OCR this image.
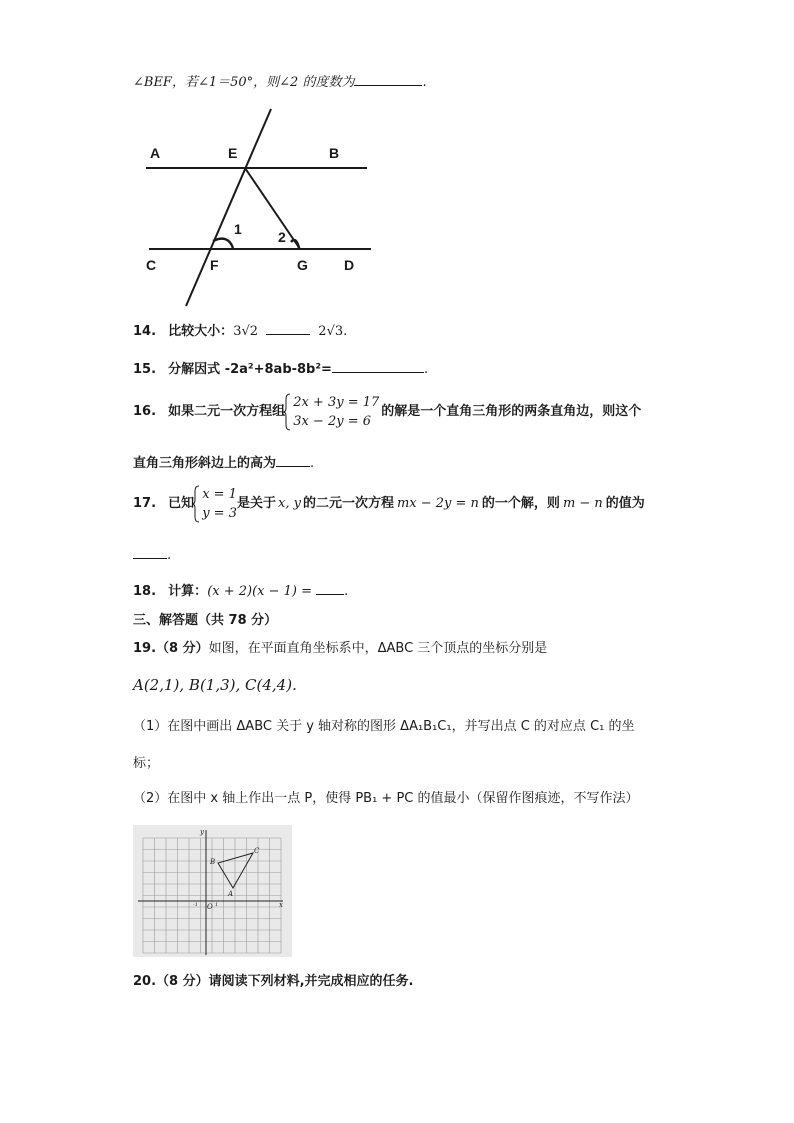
∠BEF，若∠1＝50°，则∠2 的度数为	.
A	E	B
C	F	G	D
1	2
14. 比较大小：3√2	2√3.
15. 分解因式 -2a²+8ab-8b²=	.
16. 如果二元一次方程组
2x + 3y = 17
3x − 2y = 6
的解是一个直角三角形的两条直角边，则这个
直角三角形斜边上的高为	.
17. 已知
x = 1
y = 3
是关于 x, y 的二元一次方程 mx − 2y = n 的一个解，则 m − n 的值为
.
18. 计算：(x + 2)(x − 1) = .
三、解答题（共 78 分）
19.（8 分）如图，在平面直角坐标系中，ΔABC 三个顶点的坐标分别是
A(2,1), B(1,3), C(4,4).
（1）在图中画出 ΔABC 关于 y 轴对称的图形 ΔA₁B₁C₁，并写出点 C 的对应点 C₁ 的坐
标；
（2）在图中 x 轴上作出一点 P，使得 PB₁ + PC 的值最小（保留作图痕迹，不写作法）
x
y
O 1
-1
A
B
C
20.（8 分）请阅读下列材料,并完成相应的任务.
